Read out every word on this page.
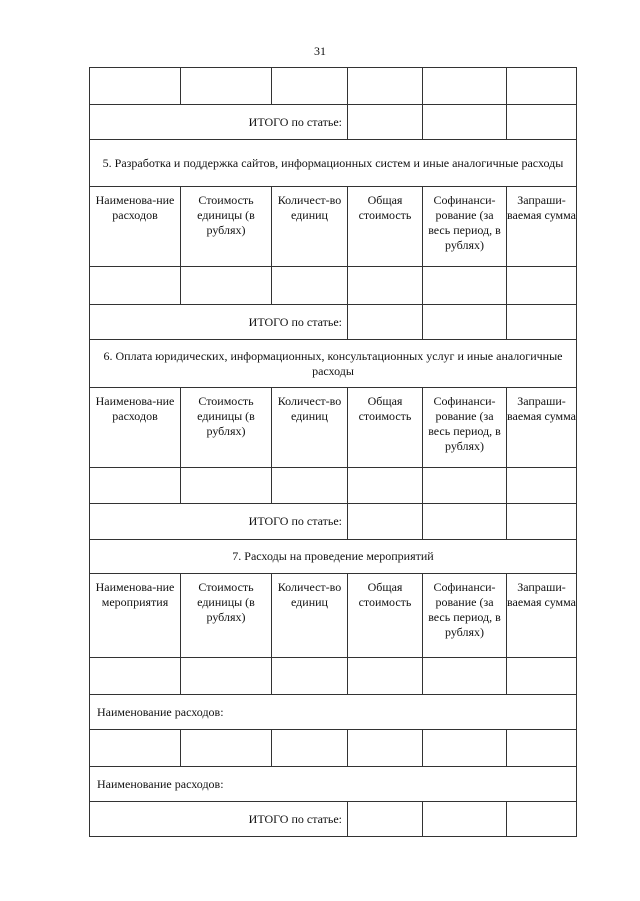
31

ИТОГО по статье:					
5. Разработка и поддержка сайтов, информационных систем и иные аналогичные расходы					
Наименова-ние расходов	Стоимость единицы (в рублях)	Количест-во единиц	Общая стоимость	Софинанси-рование (за весь период, в рублях)	Запраши-ваемая сумма

ИТОГО по статье:					
6. Оплата юридических, информационных, консультационных услуг и иные аналогичные расходы					
Наименова-ние расходов	Стоимость единицы (в рублях)	Количест-во единиц	Общая стоимость	Софинанси-рование (за весь период, в рублях)	Запраши-ваемая сумма

ИТОГО по статье:					
7. Расходы на проведение мероприятий					
Наименова-ние мероприятия	Стоимость единицы (в рублях)	Количест-во единиц	Общая стоимость	Софинанси-рование (за весь период, в рублях)	Запраши-ваемая сумма

Наименование расходов:					

Наименование расходов:					
ИТОГО по статье:					
